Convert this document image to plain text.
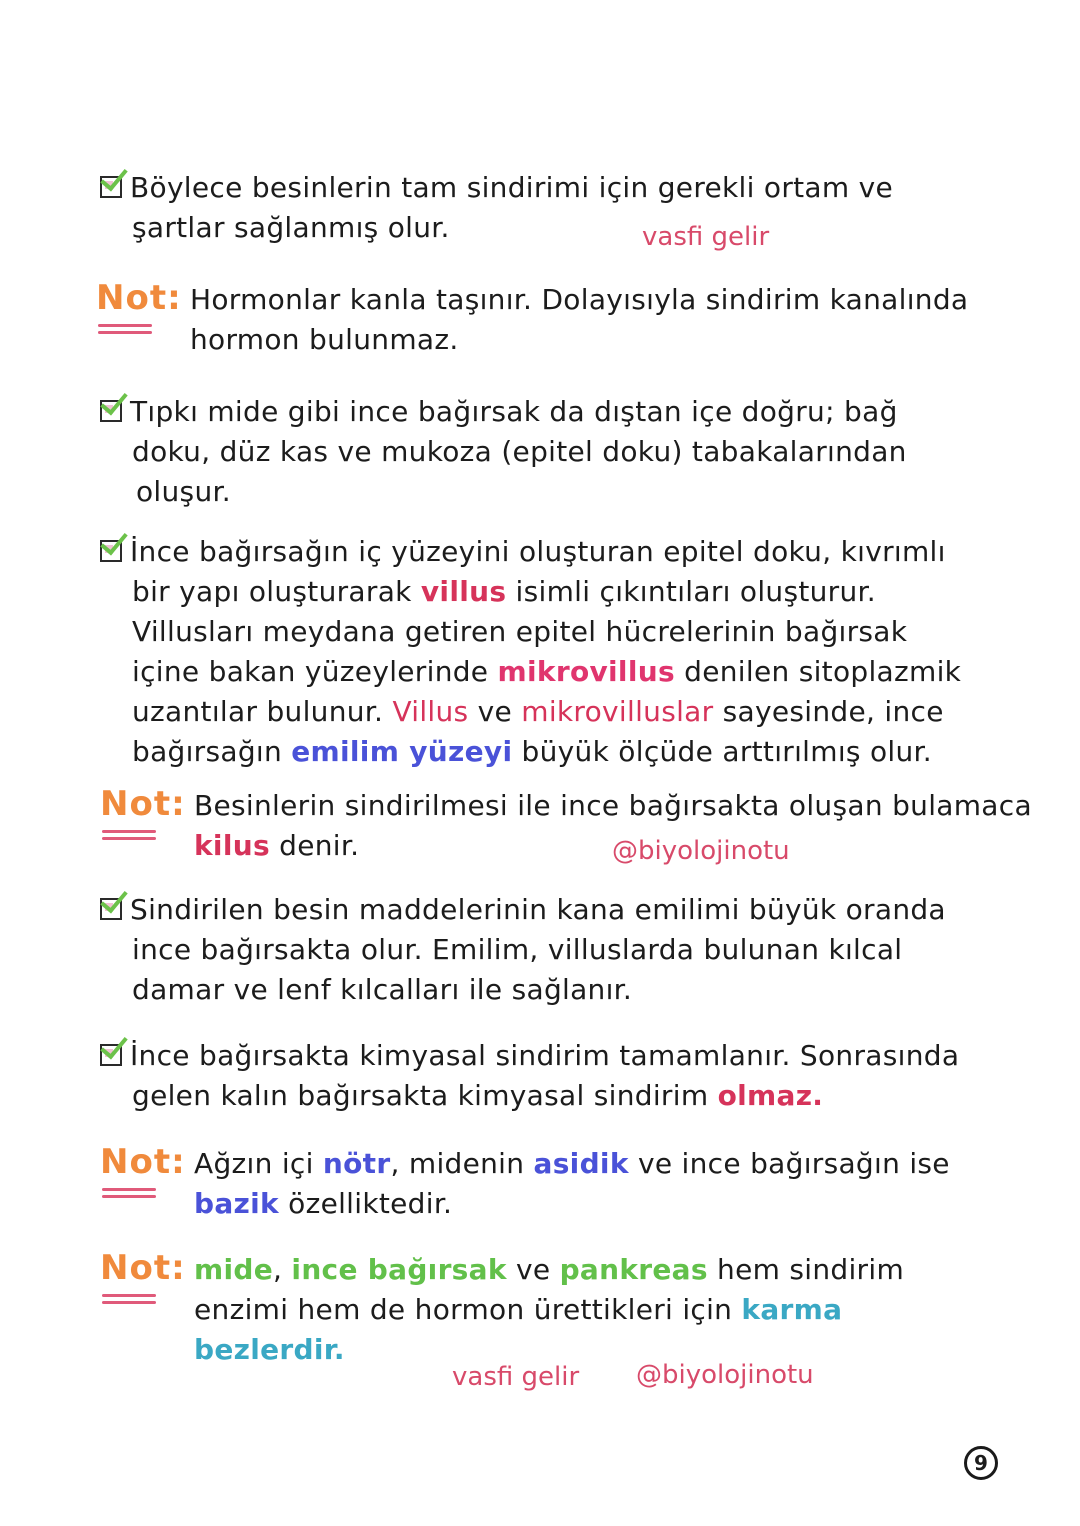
Böylece besinlerin tam sindirimi için gerekli ortam ve
şartlar sağlanmış olur.	vasfi gelir
Not: Hormonlar kanla taşınır. Dolayısıyla sindirim kanalında
hormon bulunmaz.
Tıpkı mide gibi ince bağırsak da dıştan içe doğru; bağ
doku, düz kas ve mukoza (epitel doku) tabakalarından
oluşur.
İnce bağırsağın iç yüzeyini oluşturan epitel doku, kıvrımlı
bir yapı oluşturarak villus isimli çıkıntıları oluşturur.
Villusları meydana getiren epitel hücrelerinin bağırsak
içine bakan yüzeylerinde mikrovillus denilen sitoplazmik
uzantılar bulunur. Villus ve mikrovilluslar sayesinde, ince
bağırsağın emilim yüzeyi büyük ölçüde arttırılmış olur.
Not: Besinlerin sindirilmesi ile ince bağırsakta oluşan bulamaca
kilus denir.	@biyolojinotu
Sindirilen besin maddelerinin kana emilimi büyük oranda
ince bağırsakta olur. Emilim, villuslarda bulunan kılcal
damar ve lenf kılcalları ile sağlanır.
İnce bağırsakta kimyasal sindirim tamamlanır. Sonrasında
gelen kalın bağırsakta kimyasal sindirim olmaz.
Not: Ağzın içi nötr, midenin asidik ve ince bağırsağın ise
bazik özelliktedir.
Not: mide, ince bağırsak ve pankreas hem sindirim
enzimi hem de hormon ürettikleri için karma
bezlerdir.
vasfi gelir @biyolojinotu
9
